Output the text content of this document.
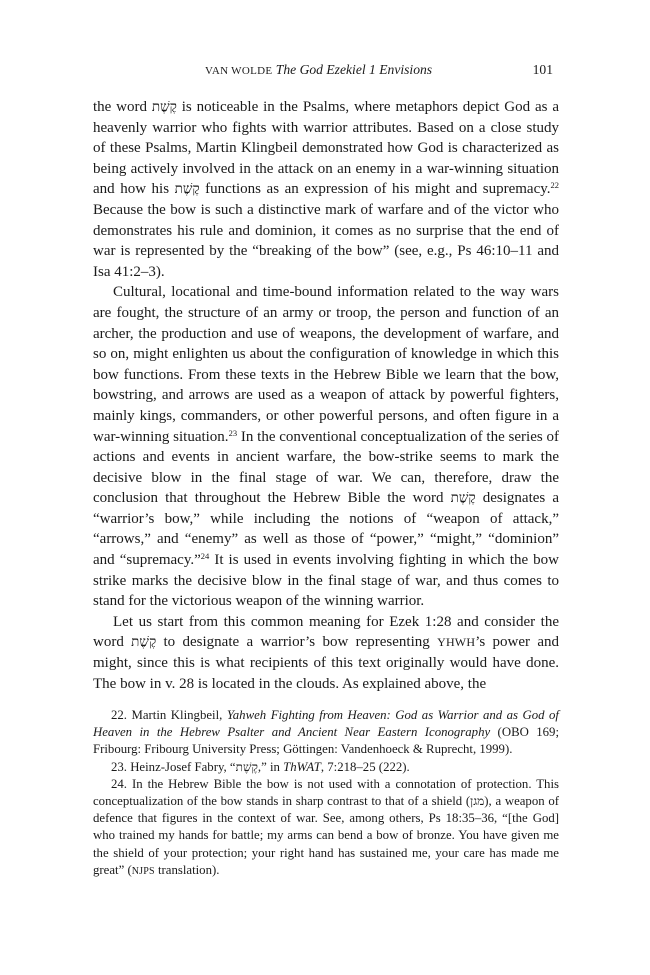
VAN WOLDE The God Ezekiel 1 Envisions	101

the word קֶשֶׁת is noticeable in the Psalms, where metaphors depict God as a heavenly warrior who fights with warrior attributes. Based on a close study of these Psalms, Martin Klingbeil demonstrated how God is characterized as being actively involved in the attack on an enemy in a war-winning situation and how his קֶשֶׁת functions as an expression of his might and supremacy.$^{22}$ Because the bow is such a distinctive mark of warfare and of the victor who demonstrates his rule and dominion, it comes as no surprise that the end of war is represented by the “breaking of the bow” (see, e.g., Ps 46:10–11 and Isa 41:2–3).

Cultural, locational and time-bound information related to the way wars are fought, the structure of an army or troop, the person and function of an archer, the production and use of weapons, the development of warfare, and so on, might enlighten us about the configuration of knowledge in which this bow functions. From these texts in the Hebrew Bible we learn that the bow, bowstring, and arrows are used as a weapon of attack by powerful fighters, mainly kings, commanders, or other powerful persons, and often figure in a war-winning situation.$^{23}$ In the conventional conceptualization of the series of actions and events in ancient warfare, the bow-strike seems to mark the decisive blow in the final stage of war. We can, therefore, draw the conclusion that throughout the Hebrew Bible the word קֶשֶׁת designates a “warrior’s bow,” while including the notions of “weapon of attack,” “arrows,” and “enemy” as well as those of “power,” “might,” “dominion” and “supremacy.”$^{24}$ It is used in events involving fighting in which the bow strike marks the decisive blow in the final stage of war, and thus comes to stand for the victorious weapon of the winning warrior.

Let us start from this common meaning for Ezek 1:28 and consider the word קֶשֶׁת to designate a warrior’s bow representing YHWH’s power and might, since this is what recipients of this text originally would have done. The bow in v. 28 is located in the clouds. As explained above, the

22. Martin Klingbeil, Yahweh Fighting from Heaven: God as Warrior and as God of Heaven in the Hebrew Psalter and Ancient Near Eastern Iconography (OBO 169; Fribourg: Fribourg University Press; Göttingen: Vandenhoeck & Ruprecht, 1999).

23. Heinz-Josef Fabry, “קֶשֶׁת,” in ThWAT, 7:218–25 (222).

24. In the Hebrew Bible the bow is not used with a connotation of protection. This conceptualization of the bow stands in sharp contrast to that of a shield (מגן), a weapon of defence that figures in the context of war. See, among others, Ps 18:35–36, “[the God] who trained my hands for battle; my arms can bend a bow of bronze. You have given me the shield of your protection; your right hand has sustained me, your care has made me great” (NJPS translation).
